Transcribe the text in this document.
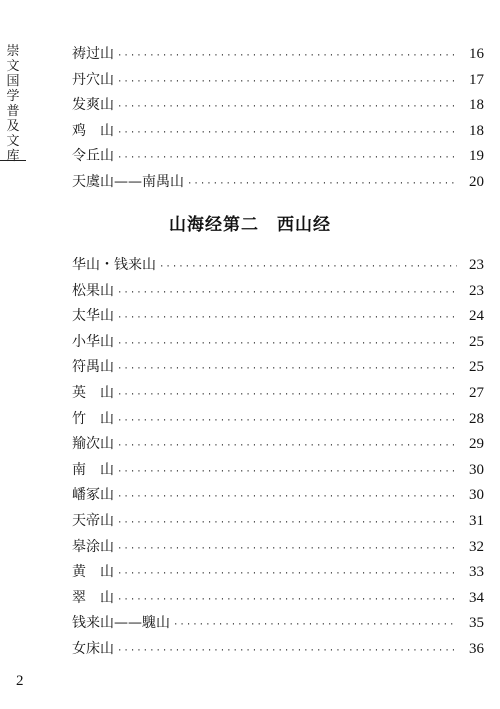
崇文国学普及文库
祷过山 ·····	16
丹穴山 ·····	17
发爽山 ·····	18
鸡　山 ·····	18
令丘山 ·····	19
天虞山——南禺山 ·····	20
山海经第二　西山经
华山・钱来山 ·····	23
松果山 ·····	23
太华山 ·····	24
小华山 ·····	25
符禺山 ·····	25
英　山 ·····	27
竹　山 ·····	28
羭次山 ·····	29
南　山 ·····	30
嶓冢山 ·····	30
天帝山 ·····	31
皋涂山 ·····	32
黄　山 ·····	33
翠　山 ·····	34
钱来山——騩山 ·····	35
女床山 ·····	36
2
